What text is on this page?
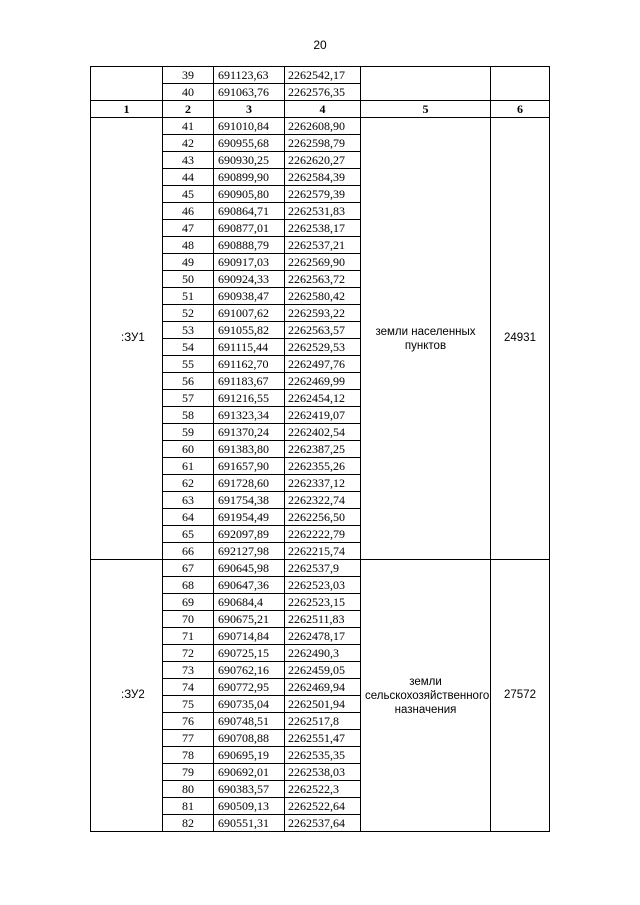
20
	39	691123,63	2262542,17		
	40	691063,76	2262576,35		
1	2	3	4	5	6
:ЗУ1	41	691010,84	2262608,90	земли населенных пунктов	24931
	42	690955,68	2262598,79		
	43	690930,25	2262620,27		
	44	690899,90	2262584,39		
	45	690905,80	2262579,39		
	46	690864,71	2262531,83		
	47	690877,01	2262538,17		
	48	690888,79	2262537,21		
	49	690917,03	2262569,90		
	50	690924,33	2262563,72		
	51	690938,47	2262580,42		
	52	691007,62	2262593,22		
	53	691055,82	2262563,57		
	54	691115,44	2262529,53		
	55	691162,70	2262497,76		
	56	691183,67	2262469,99		
	57	691216,55	2262454,12		
	58	691323,34	2262419,07		
	59	691370,24	2262402,54		
	60	691383,80	2262387,25		
	61	691657,90	2262355,26		
	62	691728,60	2262337,12		
	63	691754,38	2262322,74		
	64	691954,49	2262256,50		
	65	692097,89	2262222,79		
	66	692127,98	2262215,74		
:ЗУ2	67	690645,98	2262537,9	земли сельскохозяйственного назначения	27572
	68	690647,36	2262523,03		
	69	690684,4	2262523,15		
	70	690675,21	2262511,83		
	71	690714,84	2262478,17		
	72	690725,15	2262490,3		
	73	690762,16	2262459,05		
	74	690772,95	2262469,94		
	75	690735,04	2262501,94		
	76	690748,51	2262517,8		
	77	690708,88	2262551,47		
	78	690695,19	2262535,35		
	79	690692,01	2262538,03		
	80	690383,57	2262522,3		
	81	690509,13	2262522,64		
	82	690551,31	2262537,64		
